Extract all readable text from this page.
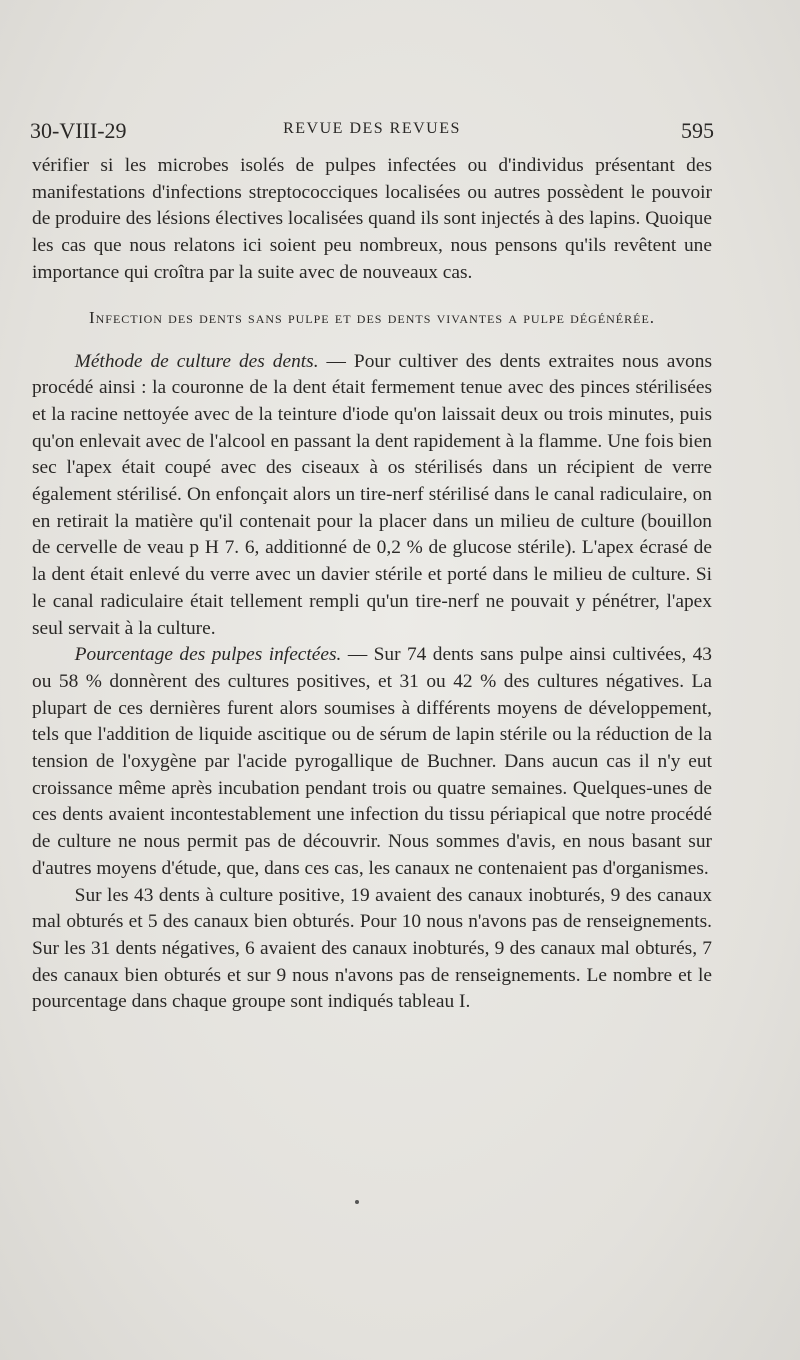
30-VIII-29	REVUE DES REVUES	595

vérifier si les microbes isolés de pulpes infectées ou d'individus présentant des manifestations d'infections streptococciques localisées ou autres possèdent le pouvoir de produire des lésions électives localisées quand ils sont injectés à des lapins. Quoique les cas que nous relatons ici soient peu nombreux, nous pensons qu'ils revêtent une importance qui croîtra par la suite avec de nouveaux cas.

Infection des dents sans pulpe et des dents vivantes a pulpe dégénérée.

Méthode de culture des dents. — Pour cultiver des dents extraites nous avons procédé ainsi : la couronne de la dent était fermement tenue avec des pinces stérilisées et la racine nettoyée avec de la teinture d'iode qu'on laissait deux ou trois minutes, puis qu'on enlevait avec de l'alcool en passant la dent rapidement à la flamme. Une fois bien sec l'apex était coupé avec des ciseaux à os stérilisés dans un récipient de verre également stérilisé. On enfonçait alors un tire-nerf stérilisé dans le canal radiculaire, on en retirait la matière qu'il contenait pour la placer dans un milieu de culture (bouillon de cervelle de veau p H 7. 6, additionné de 0,2 % de glucose stérile). L'apex écrasé de la dent était enlevé du verre avec un davier stérile et porté dans le milieu de culture. Si le canal radiculaire était tellement rempli qu'un tire-nerf ne pouvait y pénétrer, l'apex seul servait à la culture.

Pourcentage des pulpes infectées. — Sur 74 dents sans pulpe ainsi cultivées, 43 ou 58 % donnèrent des cultures positives, et 31 ou 42 % des cultures négatives. La plupart de ces dernières furent alors soumises à différents moyens de développement, tels que l'addition de liquide ascitique ou de sérum de lapin stérile ou la réduction de la tension de l'oxygène par l'acide pyrogallique de Buchner. Dans aucun cas il n'y eut croissance même après incubation pendant trois ou quatre semaines. Quelques-unes de ces dents avaient incontestablement une infection du tissu périapical que notre procédé de culture ne nous permit pas de découvrir. Nous sommes d'avis, en nous basant sur d'autres moyens d'étude, que, dans ces cas, les canaux ne contenaient pas d'organismes.

Sur les 43 dents à culture positive, 19 avaient des canaux inobturés, 9 des canaux mal obturés et 5 des canaux bien obturés. Pour 10 nous n'avons pas de renseignements. Sur les 31 dents négatives, 6 avaient des canaux inobturés, 9 des canaux mal obturés, 7 des canaux bien obturés et sur 9 nous n'avons pas de renseignements. Le nombre et le pourcentage dans chaque groupe sont indiqués tableau I.
